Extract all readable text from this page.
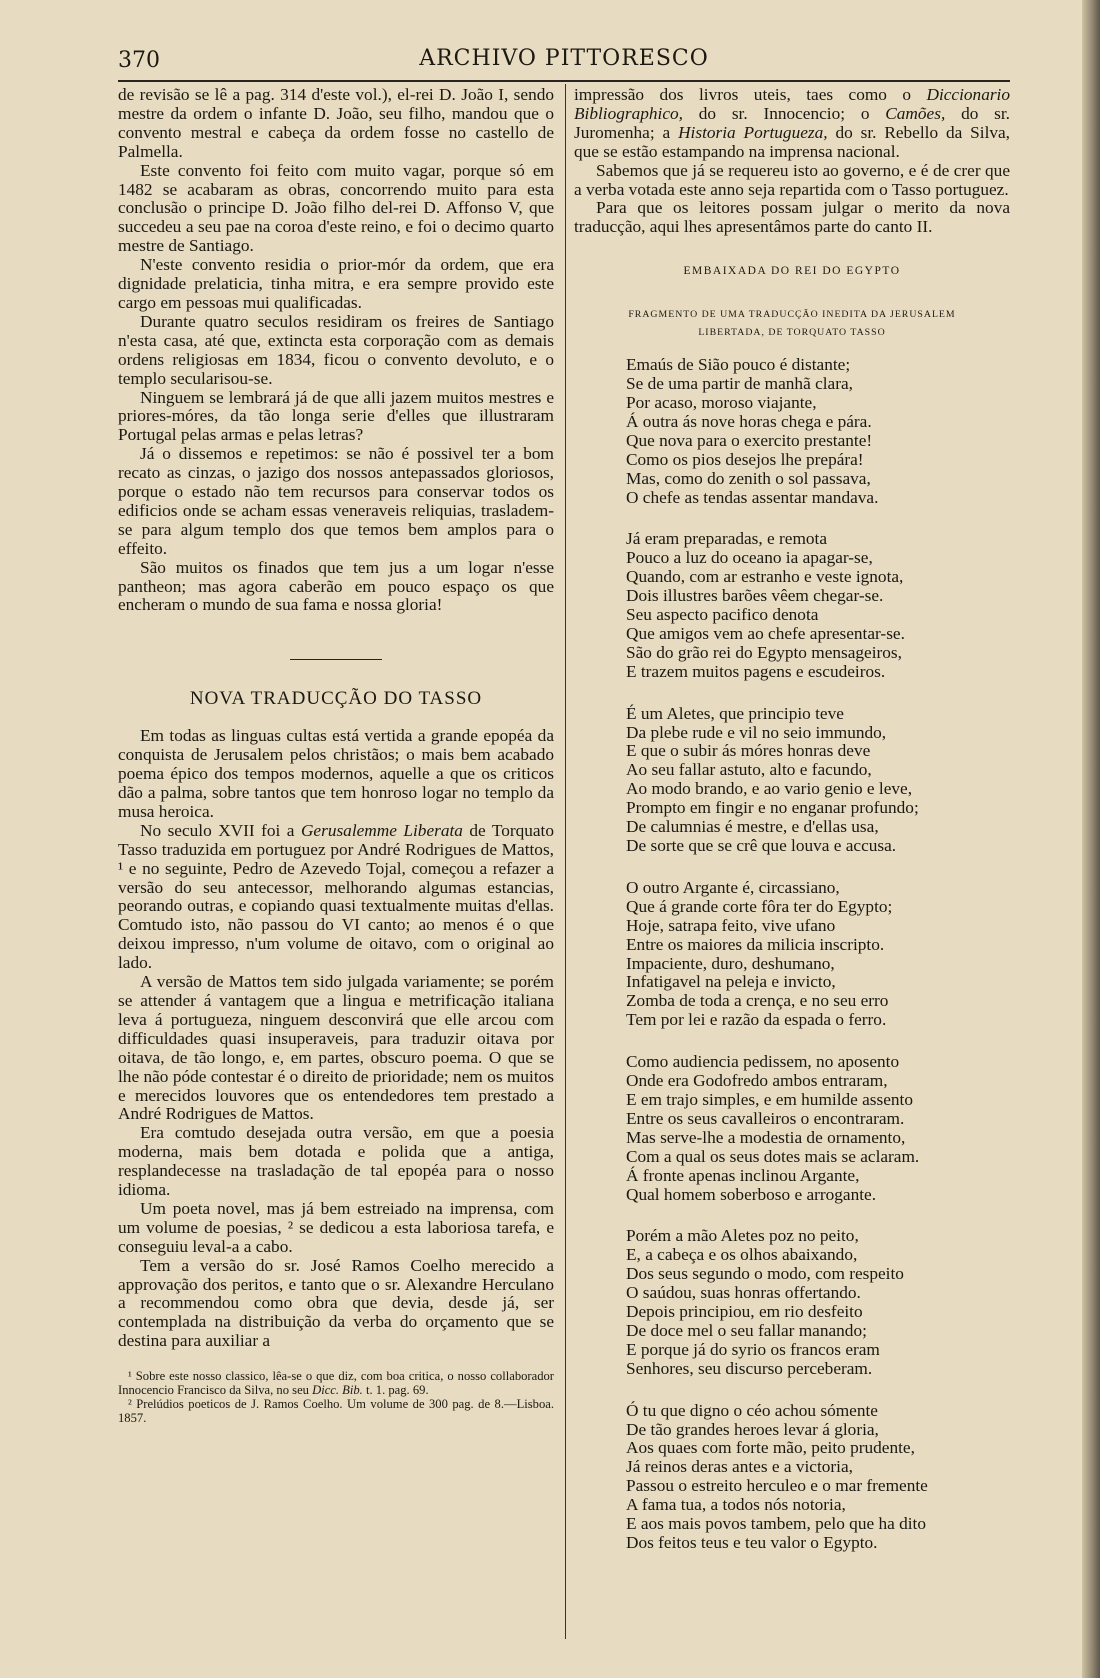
370	ARCHIVO PITTORESCO

de revisão se lê a pag. 314 d'este vol.), el-rei D. João I, sendo mestre da ordem o infante D. João, seu filho, mandou que o convento mestral e cabeça da ordem fosse no castello de Palmella.

Este convento foi feito com muito vagar, porque só em 1482 se acabaram as obras, concorrendo muito para esta conclusão o principe D. João filho del-rei D. Affonso V, que succedeu a seu pae na coroa d'este reino, e foi o decimo quarto mestre de Santiago.

N'este convento residia o prior-mór da ordem, que era dignidade prelaticia, tinha mitra, e era sempre provido este cargo em pessoas mui qualificadas.

Durante quatro seculos residiram os freires de Santiago n'esta casa, até que, extincta esta corporação com as demais ordens religiosas em 1834, ficou o convento devoluto, e o templo secularisou-se.

Ninguem se lembrará já de que alli jazem muitos mestres e priores-móres, da tão longa serie d'elles que illustraram Portugal pelas armas e pelas letras?

Já o dissemos e repetimos: se não é possivel ter a bom recato as cinzas, o jazigo dos nossos antepassados gloriosos, porque o estado não tem recursos para conservar todos os edificios onde se acham essas veneraveis reliquias, trasladem-se para algum templo dos que temos bem amplos para o effeito.

São muitos os finados que tem jus a um logar n'esse pantheon; mas agora caberão em pouco espaço os que encheram o mundo de sua fama e nossa gloria!

NOVA TRADUCÇÃO DO TASSO

Em todas as linguas cultas está vertida a grande epopéa da conquista de Jerusalem pelos christãos; o mais bem acabado poema épico dos tempos modernos, aquelle a que os criticos dão a palma, sobre tantos que tem honroso logar no templo da musa heroica.

No seculo XVII foi a Gerusalemme Liberata de Torquato Tasso traduzida em portuguez por André Rodrigues de Mattos, ¹ e no seguinte, Pedro de Azevedo Tojal, começou a refazer a versão do seu antecessor, melhorando algumas estancias, peorando outras, e copiando quasi textualmente muitas d'ellas. Comtudo isto, não passou do VI canto; ao menos é o que deixou impresso, n'um volume de oitavo, com o original ao lado.

A versão de Mattos tem sido julgada variamente; se porém se attender á vantagem que a lingua e metrificação italiana leva á portugueza, ninguem desconvirá que elle arcou com difficuldades quasi insuperaveis, para traduzir oitava por oitava, de tão longo, e, em partes, obscuro poema. O que se lhe não póde contestar é o direito de prioridade; nem os muitos e merecidos louvores que os entendedores tem prestado a André Rodrigues de Mattos.

Era comtudo desejada outra versão, em que a poesia moderna, mais bem dotada e polida que a antiga, resplandecesse na trasladação de tal epopéa para o nosso idioma.

Um poeta novel, mas já bem estreiado na imprensa, com um volume de poesias, ² se dedicou a esta laboriosa tarefa, e conseguiu leval-a a cabo.

Tem a versão do sr. José Ramos Coelho merecido a approvação dos peritos, e tanto que o sr. Alexandre Herculano a recommendou como obra que devia, desde já, ser contemplada na distribuição da verba do orçamento que se destina para auxiliar a

¹ Sobre este nosso classico, lêa-se o que diz, com boa critica, o nosso collaborador Innocencio Francisco da Silva, no seu Dicc. Bib. t. 1. pag. 69.

² Prelúdios poeticos de J. Ramos Coelho. Um volume de 300 pag. de 8.—Lisboa. 1857.

impressão dos livros uteis, taes como o Diccionario Bibliographico, do sr. Innocencio; o Camões, do sr. Juromenha; a Historia Portugueza, do sr. Rebello da Silva, que se estão estampando na imprensa nacional.

Sabemos que já se requereu isto ao governo, e é de crer que a verba votada este anno seja repartida com o Tasso portuguez.

Para que os leitores possam julgar o merito da nova traducção, aqui lhes apresentâmos parte do canto II.

EMBAIXADA DO REI DO EGYPTO
FRAGMENTO DE UMA TRADUCÇÃO INEDITA DA JERUSALEM
LIBERTADA, DE TORQUATO TASSO
Emaús de Sião pouco é distante;
Se de uma partir de manhã clara,
Por acaso, moroso viajante,
Á outra ás nove horas chega e pára.
Que nova para o exercito prestante!
Como os pios desejos lhe prepára!
Mas, como do zenith o sol passava,
O chefe as tendas assentar mandava.
Já eram preparadas, e remota
Pouco a luz do oceano ia apagar-se,
Quando, com ar estranho e veste ignota,
Dois illustres barões vêem chegar-se.
Seu aspecto pacifico denota
Que amigos vem ao chefe apresentar-se.
São do grão rei do Egypto mensageiros,
E trazem muitos pagens e escudeiros.
É um Aletes, que principio teve
Da plebe rude e vil no seio immundo,
E que o subir ás móres honras deve
Ao seu fallar astuto, alto e facundo,
Ao modo brando, e ao vario genio e leve,
Prompto em fingir e no enganar profundo;
De calumnias é mestre, e d'ellas usa,
De sorte que se crê que louva e accusa.
O outro Argante é, circassiano,
Que á grande corte fôra ter do Egypto;
Hoje, satrapa feito, vive ufano
Entre os maiores da milicia inscripto.
Impaciente, duro, deshumano,
Infatigavel na peleja e invicto,
Zomba de toda a crença, e no seu erro
Tem por lei e razão da espada o ferro.
Como audiencia pedissem, no aposento
Onde era Godofredo ambos entraram,
E em trajo simples, e em humilde assento
Entre os seus cavalleiros o encontraram.
Mas serve-lhe a modestia de ornamento,
Com a qual os seus dotes mais se aclaram.
Á fronte apenas inclinou Argante,
Qual homem soberboso e arrogante.
Porém a mão Aletes poz no peito,
E, a cabeça e os olhos abaixando,
Dos seus segundo o modo, com respeito
O saúdou, suas honras offertando.
Depois principiou, em rio desfeito
De doce mel o seu fallar manando;
E porque já do syrio os francos eram
Senhores, seu discurso perceberam.
Ó tu que digno o céo achou sómente
De tão grandes heroes levar á gloria,
Aos quaes com forte mão, peito prudente,
Já reinos deras antes e a victoria,
Passou o estreito herculeo e o mar fremente
A fama tua, a todos nós notoria,
E aos mais povos tambem, pelo que ha dito
Dos feitos teus e teu valor o Egypto.
